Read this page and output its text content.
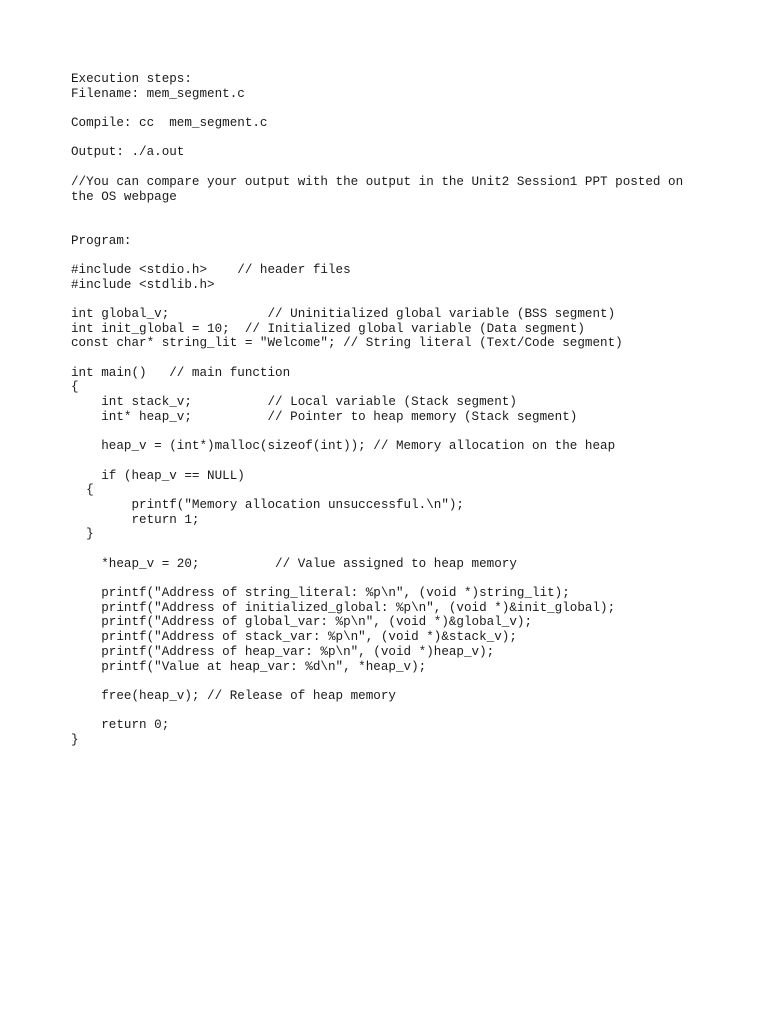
Execution steps:
Filename: mem_segment.c
Compile: cc  mem_segment.c
Output: ./a.out
//You can compare your output with the output in the Unit2 Session1 PPT posted on
the OS webpage
Program:
#include <stdio.h>    // header files
#include <stdlib.h>
int global_v;             // Uninitialized global variable (BSS segment)
int init_global = 10;  // Initialized global variable (Data segment)
const char* string_lit = "Welcome"; // String literal (Text/Code segment)
int main()   // main function
{
int stack_v;          // Local variable (Stack segment)
int* heap_v;          // Pointer to heap memory (Stack segment)
heap_v = (int*)malloc(sizeof(int)); // Memory allocation on the heap
if (heap_v == NULL)
{
printf("Memory allocation unsuccessful.\n");
return 1;
}
*heap_v = 20;          // Value assigned to heap memory
printf("Address of string_literal: %p\n", (void *)string_lit);
printf("Address of initialized_global: %p\n", (void *)&init_global);
printf("Address of global_var: %p\n", (void *)&global_v);
printf("Address of stack_var: %p\n", (void *)&stack_v);
printf("Address of heap_var: %p\n", (void *)heap_v);
printf("Value at heap_var: %d\n", *heap_v);
free(heap_v); // Release of heap memory
return 0;
}
